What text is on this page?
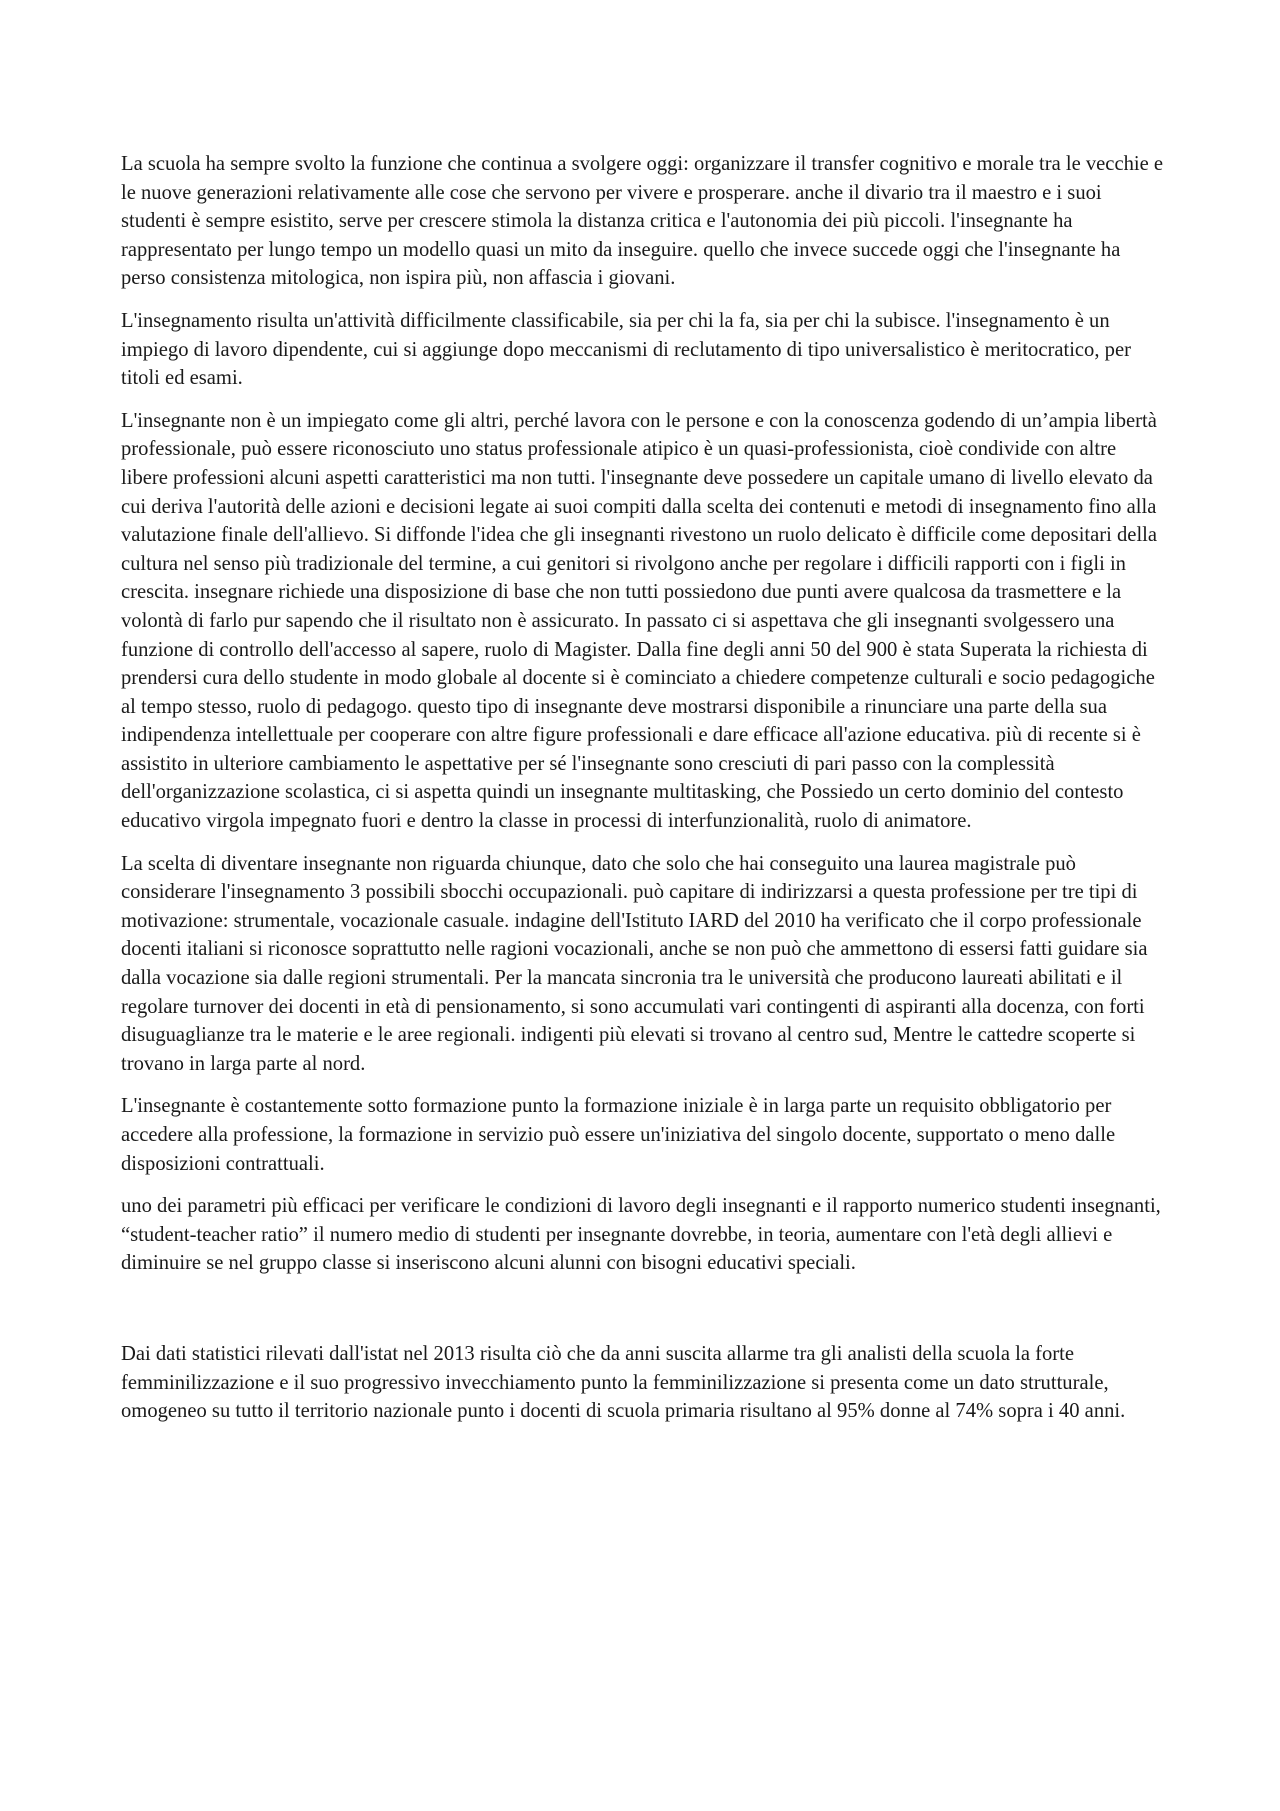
La scuola ha sempre svolto la funzione che continua a svolgere oggi: organizzare il transfer cognitivo e morale tra le vecchie e le nuove generazioni relativamente alle cose che servono per vivere e prosperare. anche il divario tra il maestro e i suoi studenti è sempre esistito, serve per crescere stimola la distanza critica e l'autonomia dei più piccoli. l'insegnante ha rappresentato per lungo tempo un modello quasi un mito da inseguire. quello che invece succede oggi che l'insegnante ha perso consistenza mitologica, non ispira più, non affascia i giovani.

L'insegnamento risulta un'attività difficilmente classificabile, sia per chi la fa, sia per chi la subisce. l'insegnamento è un impiego di lavoro dipendente, cui si aggiunge dopo meccanismi di reclutamento di tipo universalistico è meritocratico, per titoli ed esami.

L'insegnante non è un impiegato come gli altri, perché lavora con le persone e con la conoscenza godendo di un’ampia libertà professionale, può essere riconosciuto uno status professionale atipico è un quasi-professionista, cioè condivide con altre libere professioni alcuni aspetti caratteristici ma non tutti. l'insegnante deve possedere un capitale umano di livello elevato da cui deriva l'autorità delle azioni e decisioni legate ai suoi compiti dalla scelta dei contenuti e metodi di insegnamento fino alla valutazione finale dell'allievo. Si diffonde l'idea che gli insegnanti rivestono un ruolo delicato è difficile come depositari della cultura nel senso più tradizionale del termine, a cui genitori si rivolgono anche per regolare i difficili rapporti con i figli in crescita. insegnare richiede una disposizione di base che non tutti possiedono due punti avere qualcosa da trasmettere e la volontà di farlo pur sapendo che il risultato non è assicurato. In passato ci si aspettava che gli insegnanti svolgessero una funzione di controllo dell'accesso al sapere, ruolo di Magister. Dalla fine degli anni 50 del 900 è stata Superata la richiesta di prendersi cura dello studente in modo globale al docente si è cominciato a chiedere competenze culturali e socio pedagogiche al tempo stesso, ruolo di pedagogo. questo tipo di insegnante deve mostrarsi disponibile a rinunciare una parte della sua indipendenza intellettuale per cooperare con altre figure professionali e dare efficace all'azione educativa. più di recente si è assistito in ulteriore cambiamento le aspettative per sé l'insegnante sono cresciuti di pari passo con la complessità dell'organizzazione scolastica, ci si aspetta quindi un insegnante multitasking, che Possiedo un certo dominio del contesto educativo virgola impegnato fuori e dentro la classe in processi di interfunzionalità, ruolo di animatore.

La scelta di diventare insegnante non riguarda chiunque, dato che solo che hai conseguito una laurea magistrale può considerare l'insegnamento 3 possibili sbocchi occupazionali. può capitare di indirizzarsi a questa professione per tre tipi di motivazione: strumentale, vocazionale casuale. indagine dell'Istituto IARD del 2010 ha verificato che il corpo professionale docenti italiani si riconosce soprattutto nelle ragioni vocazionali, anche se non può che ammettono di essersi fatti guidare sia dalla vocazione sia dalle regioni strumentali. Per la mancata sincronia tra le università che producono laureati abilitati e il regolare turnover dei docenti in età di pensionamento, si sono accumulati vari contingenti di aspiranti alla docenza, con forti disuguaglianze tra le materie e le aree regionali. indigenti più elevati si trovano al centro sud, Mentre le cattedre scoperte si trovano in larga parte al nord.

L'insegnante è costantemente sotto formazione punto la formazione iniziale è in larga parte un requisito obbligatorio per accedere alla professione, la formazione in servizio può essere un'iniziativa del singolo docente, supportato o meno dalle disposizioni contrattuali.

uno dei parametri più efficaci per verificare le condizioni di lavoro degli insegnanti e il rapporto numerico studenti insegnanti, “student-teacher ratio” il numero medio di studenti per insegnante dovrebbe, in teoria, aumentare con l'età degli allievi e diminuire se nel gruppo classe si inseriscono alcuni alunni con bisogni educativi speciali.

Dai dati statistici rilevati dall'istat nel 2013 risulta ciò che da anni suscita allarme tra gli analisti della scuola la forte femminilizzazione e il suo progressivo invecchiamento punto la femminilizzazione si presenta come un dato strutturale, omogeneo su tutto il territorio nazionale punto i docenti di scuola primaria risultano al 95% donne al 74% sopra i 40 anni.
